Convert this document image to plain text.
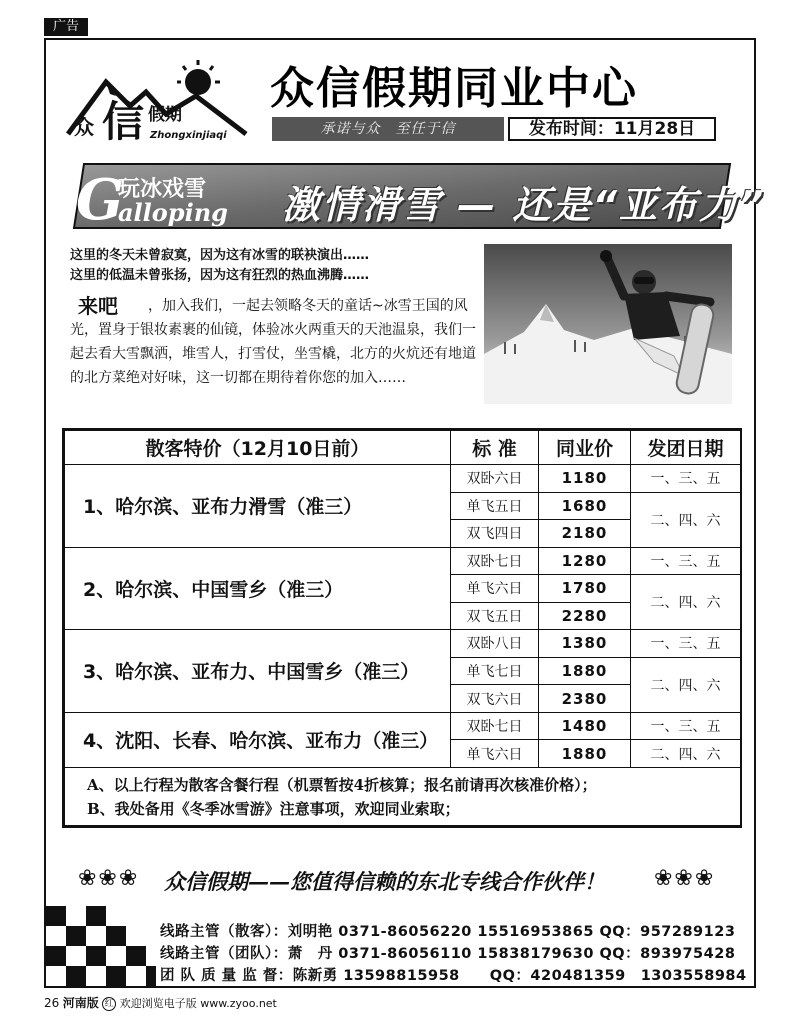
广告
众 信 假期
Zhongxinjiaqi
众信假期同业中心
承诺与众　至任于信	发布时间：11月28日
G
玩冰戏雪
alloping 激情滑雪 — 还是“亚布力”
这里的冬天未曾寂寞，因为这有冰雪的联袂演出……
这里的低温未曾张扬，因为这有狂烈的热血沸腾……
，加入我们，一起去领略冬天的童话~冰雪王国的风光，置身于银妆素裹的仙镜，体验冰火两重天的天池温泉，我们一起去看大雪飘洒，堆雪人，打雪仗，坐雪橇，北方的火炕还有地道的北方菜绝对好味，这一切都在期待着你您的加入……
来吧
散客特价（12月10日前）	标 准	同业价	发团日期
1、哈尔滨、亚布力滑雪（准三）	双卧六日	1180	一、三、五
	单飞五日	1680	二、四、六
	双飞四日	2180	
2、哈尔滨、中国雪乡（准三）	双卧七日	1280	一、三、五
	单飞六日	1780	二、四、六
	双飞五日	2280	
3、哈尔滨、亚布力、中国雪乡（准三）	双卧八日	1380	一、三、五
	单飞七日	1880	二、四、六
	双飞六日	2380	
4、沈阳、长春、哈尔滨、亚布力（准三）	双卧七日	1480	一、三、五
	单飞六日	1880	二、四、六

A、以上行程为散客含餐行程（机票暂按4折核算；报名前请再次核准价格）；
B、我处备用《冬季冰雪游》注意事项，欢迎同业索取；			
❀❀❀ 众信假期——您值得信赖的东北专线合作伙伴！ ❀❀❀
线路主管（散客）：刘明艳 0371-86056220 15516953865 QQ：957289123
线路主管（团队）：萧　丹 0371-86056110 15838179630 QQ：893975428
团 队 质 量 监 督：陈新勇 13598815958　　QQ：420481359　1303558984
26 河南版 红 欢迎浏览电子版 www.zyoo.net
